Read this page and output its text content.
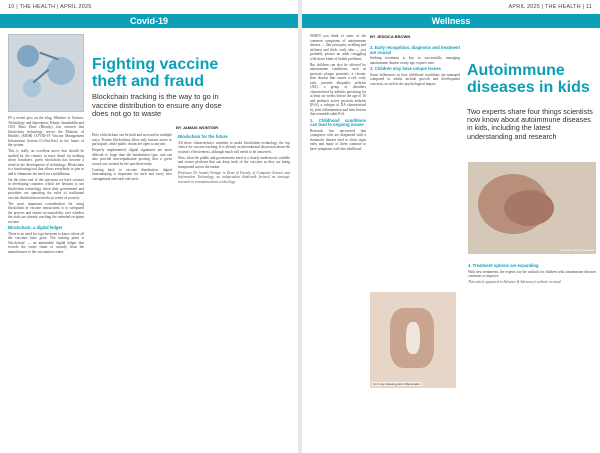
10 | THE HEALTH | APRIL 2025
Covid-19

IN a recent post on the blog, Minister of Science, Technology and Innovation, Khairy Jamaluddin and CEO Marz Eleaf (Bloody), has stressed that blockchain technology serves the Ministry of Health's (MOH) COVID-19 Vaccine Management Information System (CoVaxTrac) as the future of the system.

This is really an excellent move that should be studied by the country in more detail for tackling down fraudsters, given blockchain has become a trend in the development of technology. Blockchain is a functioning tool that allows everybody to join in and it eliminates the need for a middleman.

On the other end of the spectrum we have creators in developing countries which are hesitant to use blockchain technology when their government and providers are operating the rules of traditional vaccine distribution networks in terms of security.

The most important consideration for using blockchain in vaccine transactions is to safeguard the process and ensure accountability over whether the vials are already reaching the intended recipient on time.

Blockchain: a digital ledger

There is no need for a go-between to know where all the vaccines have gone. The starting point is 'blockchain' — an immutable digital ledger that records the entire chain of custody from the manufacturer to the vaccination centre.

Fighting vaccine theft and fraud
Blockchain tracking is the way to go in vaccine distribution to ensure any dose does not go to waste
BY JAMAIS WONTGIR

How a blockchain can be built and accessed in multiple ways. Private blockchains allow only known actors to participate, while public chains are open to anyone.

Properly implemented, digital signatures are more difficult to forge than the handwritten type, and can also provide non-repudiation proving that a given record was created by the specified entity.

Coming back to vaccine distribution, digital timestamping is important for each and every new consignment and each vial used.

Blockchain for the future

All these characteristics combine to make blockchain technology the top choice for vaccine tracking. It is already an international discussion about the system's effectiveness, although much still needs to be answered.

Now, what the public and governments need is a clearly understood, scalable and secure platform that can keep track of the vaccines as they are being transported across the nation.

Professor Dr Jamais Wontgir is Dean of Faculty of Computer Science and Information Technology, an independent think-tank focused on strategic research in communications technology.

APRIL 2025 | THE HEALTH | 11
Wellness
BY JESSICA BROWN

WHEN you think of some of the common symptoms of autoimmune disease — like joint pain, swelling and stiffness and thick, scaly skin — you probably picture an adult struggling with those kinds of health problems.

But children can also be affected by autoimmune conditions, such as psoriatic plaque psoriasis, a chronic skin disease that causes a red, scaly rash, juvenile idiopathic arthritis (JIA), a group of disorders characterised by arthritis persisting for at least six weeks before the age of 16 and pediatric active psoriatic arthritis (PsA), a subtype of JIA characterised by joint inflammation and skin lesions that resemble adult PsA.

1. Childhood conditions can lead to ongoing issues

Research has uncovered that youngsters who are diagnosed with a rheumatic disease tend to show signs early and many of them continue to have symptoms well into adulthood.

2. Early recognition, diagnosis and treatment are crucial

Seeking treatment is key to successfully managing autoimmune disease at any age, experts note.

3. Children may have unique issues

Some differences in how childhood conditions are managed compared to adults include growth and development concerns, as well as the psychological impact.

An X-ray showing joint inflammation
Autoimmune diseases in kids
Two experts share four things scientists now know about autoimmune diseases in kids, including the latest understanding and research
A colour shot of psoriasis
4. Treatment options are expanding

With new treatments, the experts say the outlook for children with autoimmune diseases continues to improve.

This article appeared in Advance & Advocacy's website in email.
